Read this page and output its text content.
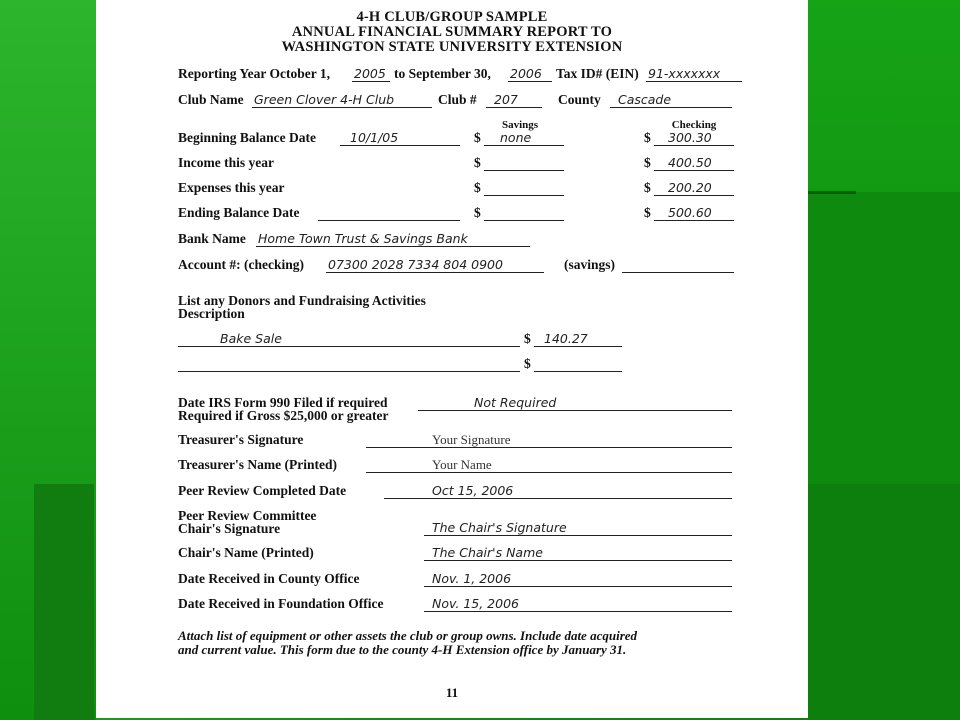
4-H CLUB/GROUP SAMPLE
ANNUAL FINANCIAL SUMMARY REPORT TO
WASHINGTON STATE UNIVERSITY EXTENSION
Reporting Year October 1, 2005 to September 30, 2006 Tax ID# (EIN) 91-xxxxxxx
Club Name Green Clover 4-H Club	Club # 207	County Cascade
Savings	Checking
Beginning Balance Date	10/1/05	$ none	$ 300.30
Income this year	$	$ 400.50
Expenses this year	$	$ 200.20
Ending Balance Date	$	$ 500.60
Bank Name Home Town Trust & Savings Bank
Account #: (checking) 07300 2028 7334 804 0900	(savings)
List any Donors and Fundraising Activities
Description
Bake Sale	$ 140.27
$
Date IRS Form 990 Filed if required
Required if Gross $25,000 or greater
Not Required
Treasurer's Signature	Your Signature
Treasurer's Name (Printed)	Your Name
Peer Review Completed Date	Oct 15, 2006
Peer Review Committee
Chair's Signature	The Chair's Signature
Chair's Name (Printed)	The Chair's Name
Date Received in County Office	Nov. 1, 2006
Date Received in Foundation Office	Nov. 15, 2006
Attach list of equipment or other assets the club or group owns. Include date acquired
and current value. This form due to the county 4-H Extension office by January 31.
11
